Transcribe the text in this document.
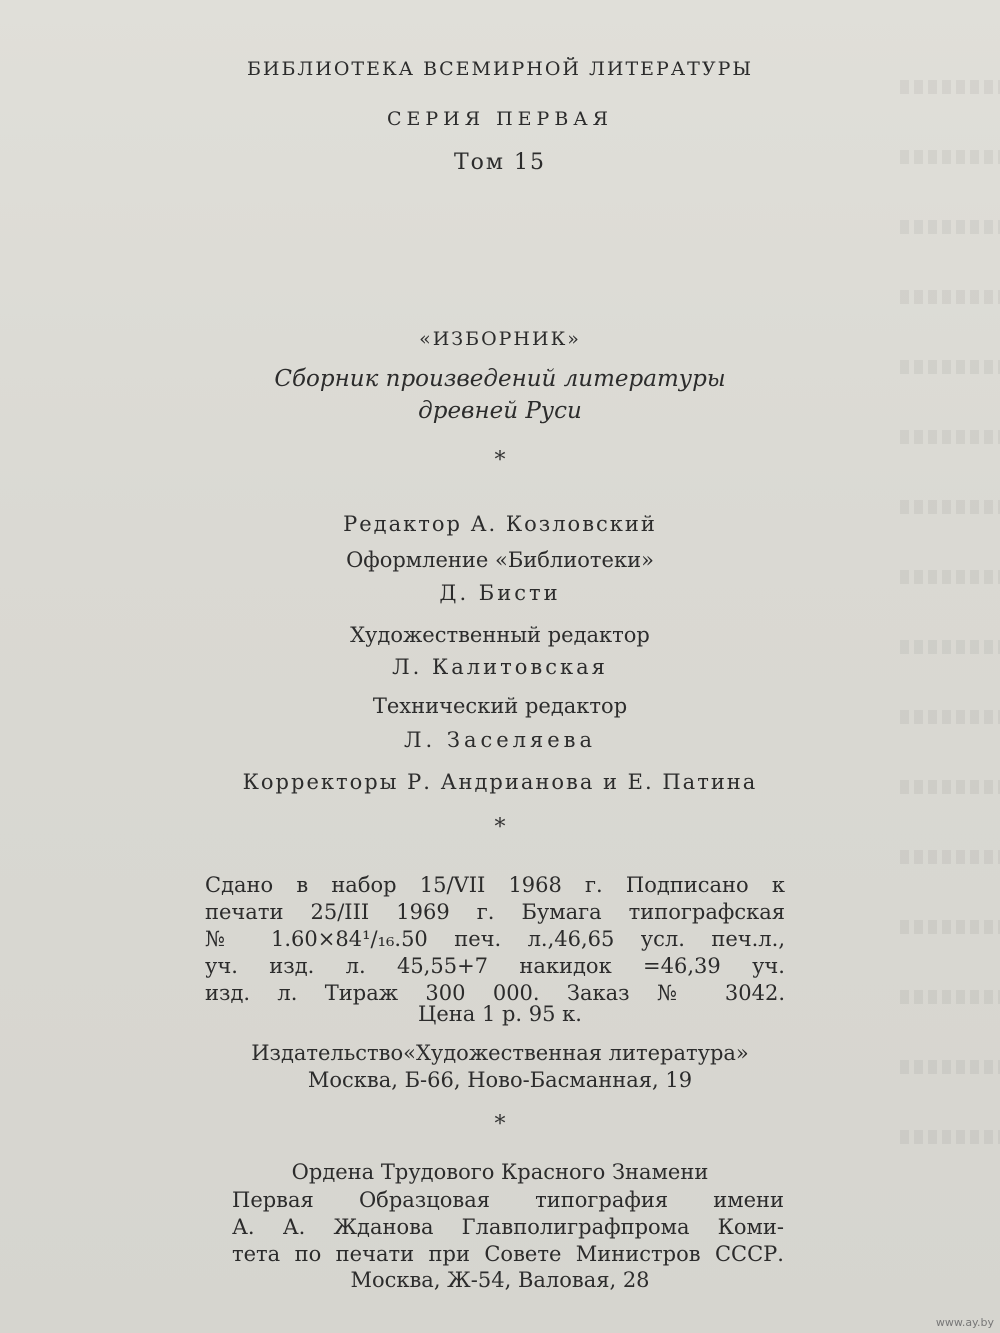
БИБЛИОТЕКА ВСЕМИРНОЙ ЛИТЕРАТУРЫ
СЕРИЯ ПЕРВАЯ
Том 15
«ИЗБОРНИК»
Сборник произведений литературы
древней Руси
*
Редактор А. Козловский
Оформление «Библиотеки»
Д. Бисти
Художественный редактор
Л. Калитовская
Технический редактор
Л. Заселяева
Корректоры Р. Андрианова и Е. Патина
*
Сдано в набор 15/VII 1968 г. Подписано к
печати 25/III 1969 г. Бумага типографская
№ 1.60×84¹/₁₆.50 печ. л.,46,65 усл. печ.л.,
уч. изд. л. 45,55+7 накидок =46,39 уч.
изд. л. Тираж 300 000. Заказ № 3042.
Цена 1 р. 95 к.
Издательство«Художественная литература»
Москва, Б-66, Ново-Басманная, 19
*
Ордена Трудового Красного Знамени
Первая Образцовая типография имени
А. А. Жданова Главполиграфпрома Коми-
тета по печати при Совете Министров СССР.
Москва, Ж-54, Валовая, 28
www.ay.by
